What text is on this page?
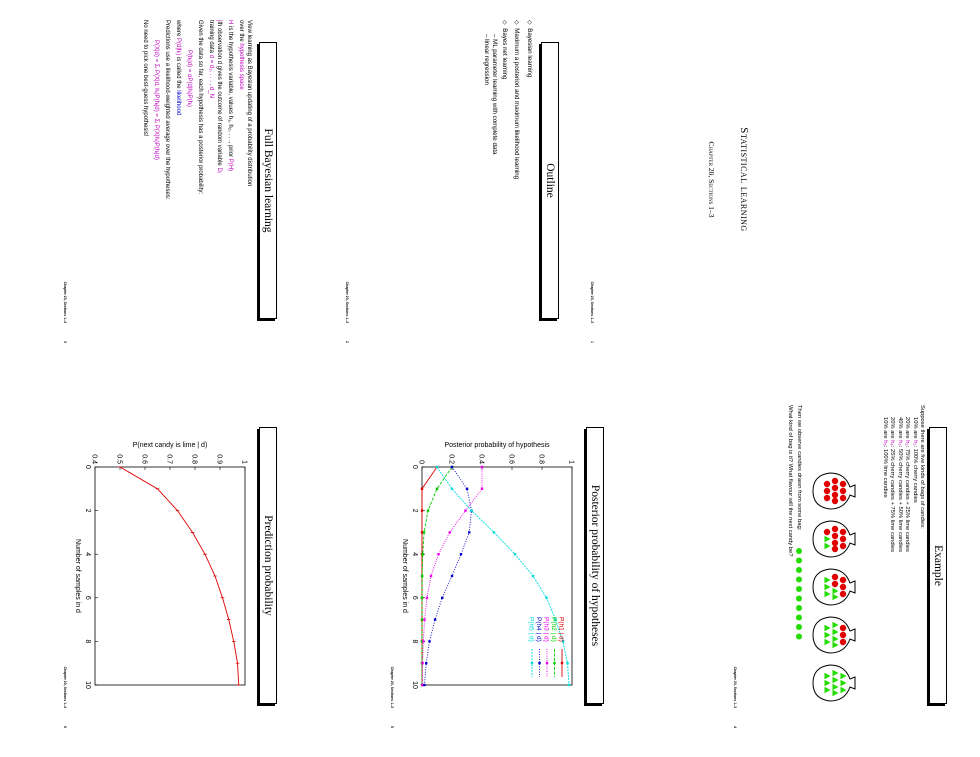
Statistical learning
Chapter 20, Sections 1–3
Chapter 20, Sections 1–31
Outline
◇  Bayesian learning
◇  Maximum a posteriori and maximum likelihood learning
◇  Bayes net learning
– ML parameter learning with complete data
– linear regression
Chapter 20, Sections 1–32
Full Bayesian learning
View learning as Bayesian updating of a probability distribution

over the hypothesis space

H is the hypothesis variable, values h₁, h₂, . . ., prior P(H)

jth observation d gives the outcome of random variable Dⱼ

training data d = d₁, . . . , d_N

Given the data so far, each hypothesis has a posterior probability:

P(hᵢ|d) = αP(d|hᵢ)P(hᵢ)

where P(d|hᵢ) is called the likelihood

Predictions use a likelihood-weighted average over the hypotheses:

P(X|d) = Σᵢ P(X|d, hᵢ)P(hᵢ|d) = Σᵢ P(X|hᵢ)P(hᵢ|d)

No need to pick one best-guess hypothesis!

Chapter 20, Sections 1–33
Example
Suppose there are five kinds of bags of candies:
10% are h₁: 100% cherry candies
20% are h₂: 75% cherry candies + 25% lime candies
40% are h₃: 50% cherry candies + 50% lime candies
20% are h₄: 25% cherry candies + 75% lime candies
10% are h₅: 100% lime candies
Then we observe candies drawn from some bag:
What kind of bag is it? What flavour will the next candy be?
Chapter 20, Sections 1–34
Posterior probability of hypotheses
0
2
4
6
8
10
0	0.2	0.4	0.6	0.8	1
Number of samples in d
Posterior probability of hypothesis
P(h1 | d)
P(h2 | d)
P(h3 | d)
P(h4 | d)
P(h5 | d)
Chapter 20, Sections 1–35
Prediction probability
0
2
4
6
8
10
0.4	0.5	0.6	0.7	0.8	0.9	1
Number of samples in d
P(next candy is lime | d)
Chapter 20, Sections 1–36
